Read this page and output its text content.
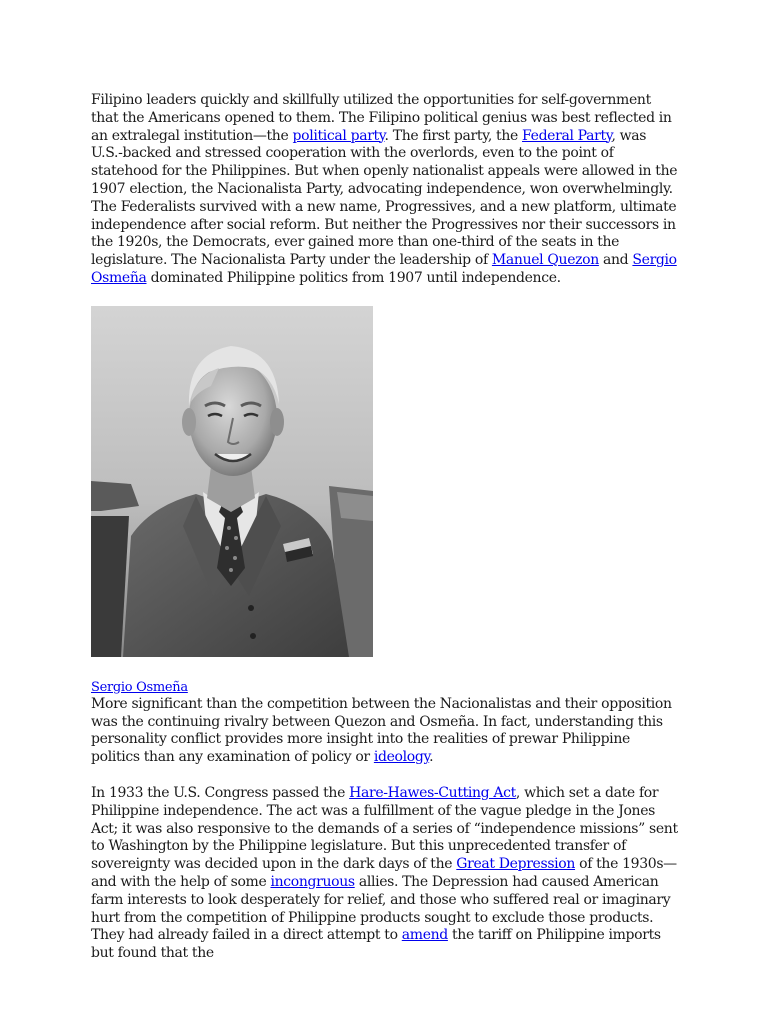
Filipino leaders quickly and skillfully utilized the opportunities for self-government that the Americans opened to them. The Filipino political genius was best reflected in an extralegal institution—the political party. The first party, the Federal Party, was U.S.-backed and stressed cooperation with the overlords, even to the point of statehood for the Philippines. But when openly nationalist appeals were allowed in the 1907 election, the Nacionalista Party, advocating independence, won overwhelmingly. The Federalists survived with a new name, Progressives, and a new platform, ultimate independence after social reform. But neither the Progressives nor their successors in the 1920s, the Democrats, ever gained more than one-third of the seats in the legislature. The Nacionalista Party under the leadership of Manuel Quezon and Sergio Osmeña dominated Philippine politics from 1907 until independence.

Sergio Osmeña

More significant than the competition between the Nacionalistas and their opposition was the continuing rivalry between Quezon and Osmeña. In fact, understanding this personality conflict provides more insight into the realities of prewar Philippine politics than any examination of policy or ideology.

In 1933 the U.S. Congress passed the Hare-Hawes-Cutting Act, which set a date for Philippine independence. The act was a fulfillment of the vague pledge in the Jones Act; it was also responsive to the demands of a series of “independence missions” sent to Washington by the Philippine legislature. But this unprecedented transfer of sovereignty was decided upon in the dark days of the Great Depression of the 1930s—and with the help of some incongruous allies. The Depression had caused American farm interests to look desperately for relief, and those who suffered real or imaginary hurt from the competition of Philippine products sought to exclude those products. They had already failed in a direct attempt to amend the tariff on Philippine imports but found that the
